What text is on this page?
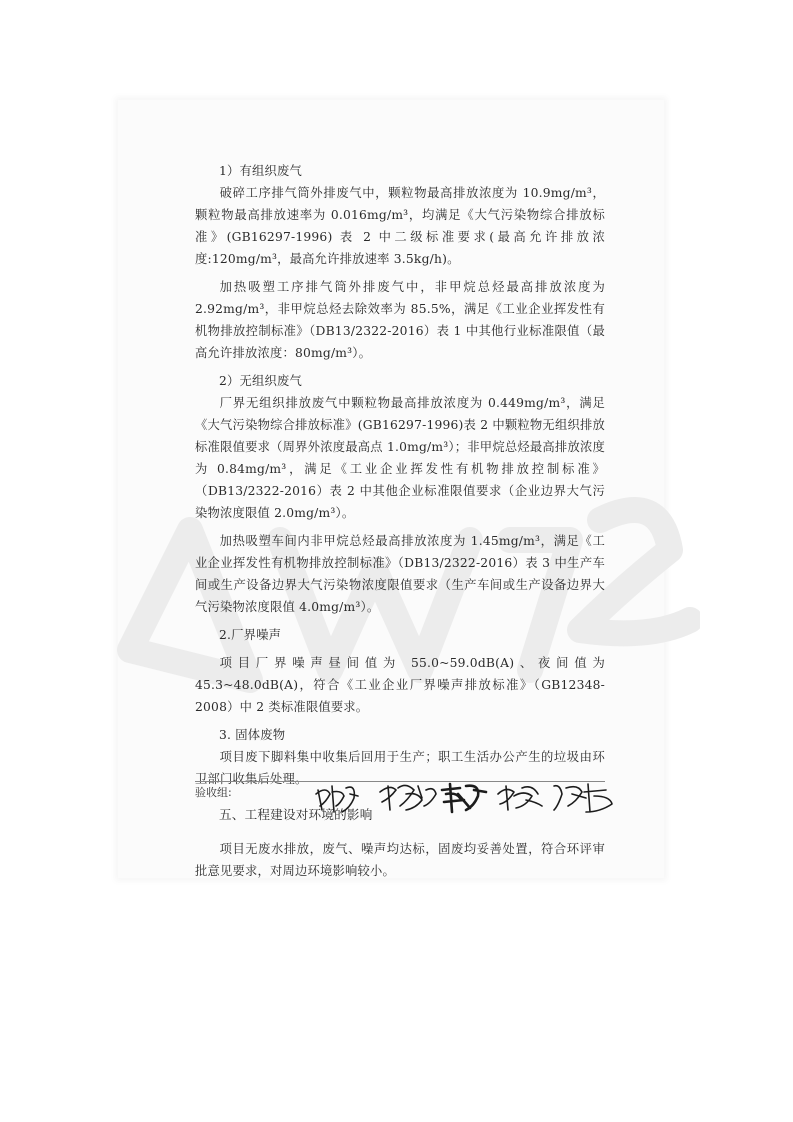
1）有组织废气

破碎工序排气筒外排废气中，颗粒物最高排放浓度为 10.9mg/m³，颗粒物最高排放速率为 0.016mg/m³，均满足《大气污染物综合排放标准》(GB16297-1996) 表 2 中二级标准要求(最高允许排放浓度:120mg/m³，最高允许排放速率 3.5kg/h)。

加热吸塑工序排气筒外排废气中，非甲烷总烃最高排放浓度为 2.92mg/m³，非甲烷总烃去除效率为 85.5%，满足《工业企业挥发性有机物排放控制标准》（DB13/2322-2016）表 1 中其他行业标准限值（最高允许排放浓度：80mg/m³）。

2）无组织废气

厂界无组织排放废气中颗粒物最高排放浓度为 0.449mg/m³，满足《大气污染物综合排放标准》(GB16297-1996)表 2 中颗粒物无组织排放标准限值要求（周界外浓度最高点 1.0mg/m³）；非甲烷总烃最高排放浓度为 0.84mg/m³，满足《工业企业挥发性有机物排放控制标准》（DB13/2322-2016）表 2 中其他企业标准限值要求（企业边界大气污染物浓度限值 2.0mg/m³）。

加热吸塑车间内非甲烷总烃最高排放浓度为 1.45mg/m³，满足《工业企业挥发性有机物排放控制标准》（DB13/2322-2016）表 3 中生产车间或生产设备边界大气污染物浓度限值要求（生产车间或生产设备边界大气污染物浓度限值 4.0mg/m³）。

2.厂界噪声

项目厂界噪声昼间值为 55.0~59.0dB(A)、夜间值为 45.3~48.0dB(A)，符合《工业企业厂界噪声排放标准》（GB12348-2008）中 2 类标准限值要求。

3. 固体废物

项目废下脚料集中收集后回用于生产；职工生活办公产生的垃圾由环卫部门收集后处理。

五、工程建设对环境的影响

项目无废水排放，废气、噪声均达标，固废均妥善处置，符合环评审批意见要求，对周边环境影响较小。

验收组:
